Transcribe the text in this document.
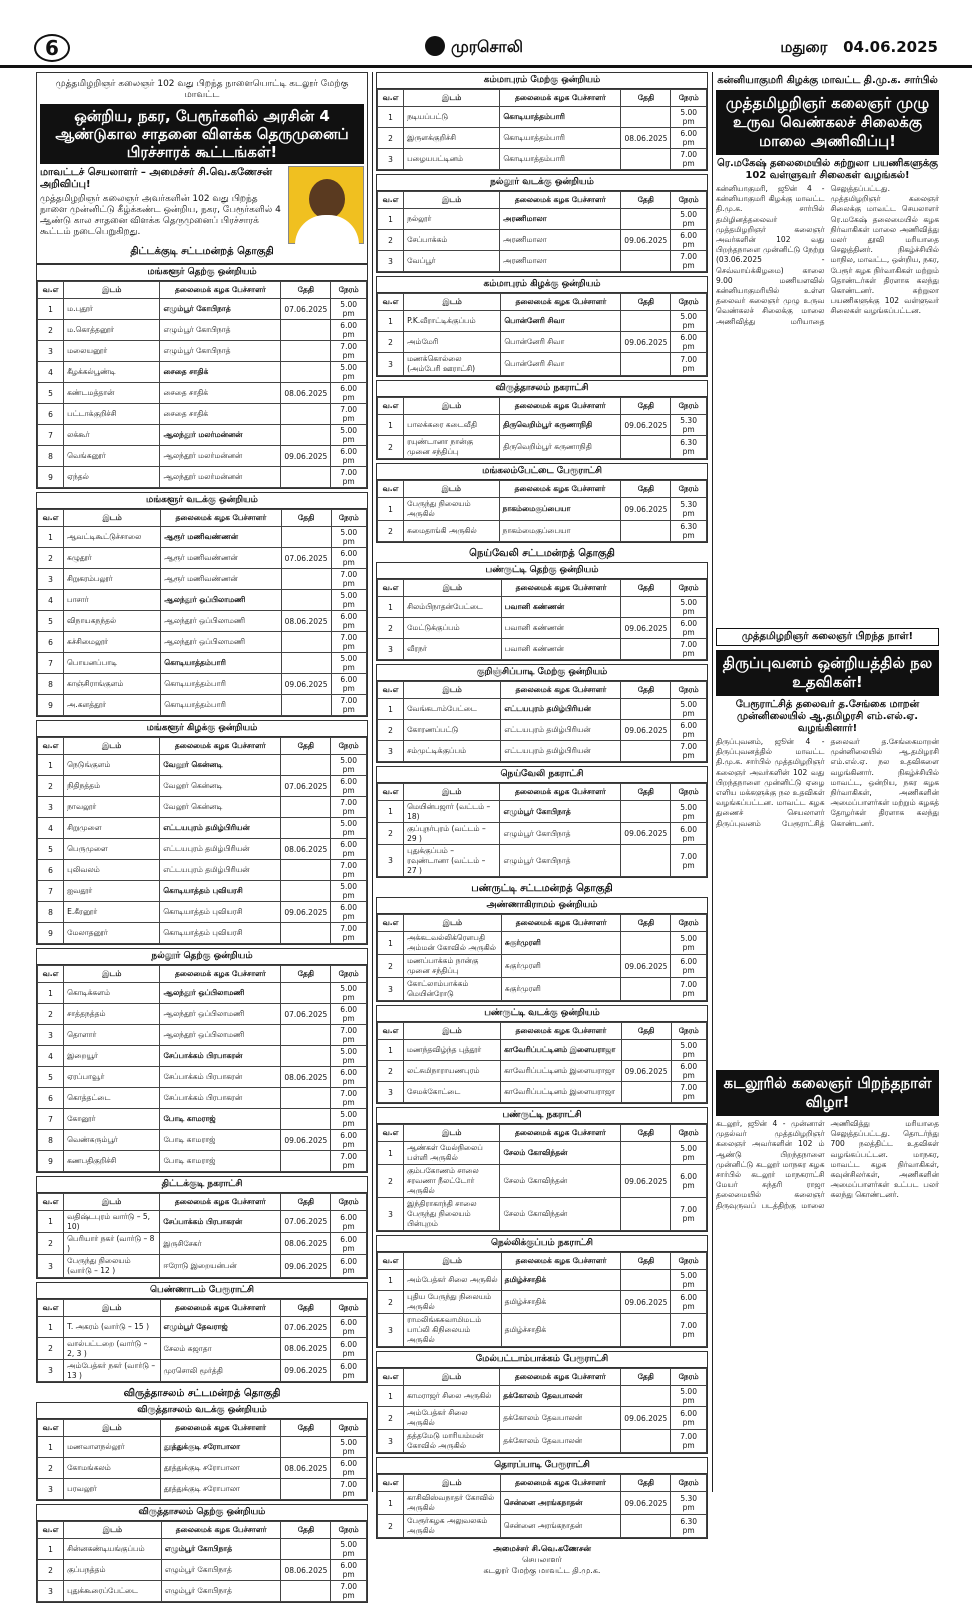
6	முரசொலி	மதுரை 04.06.2025
முத்தமிழறிஞர் கலைஞர் 102 வது பிறந்த நாளையொட்டி கடலூர் மேற்கு மாவட்ட
ஒன்றிய, நகர, பேரூர்களில் அரசின் 4 ஆண்டுகால சாதனை விளக்க தெருமுனைப் பிரச்சாரக் கூட்டங்கள்!
மாவட்டச் செயலாளர் – அமைச்சர் சி.வெ.கணேசன் அறிவிப்பு!
முத்தமிழறிஞர் கலைஞர் அவர்களின் 102 வது பிறந்த நாளை முன்னிட்டு கீழ்க்கண்ட ஒன்றிய, நகர, பேரூர்களில் 4 ஆண்டு கால சாதனை விளக்க தெருமுனைப் பிரச்சாரக் கூட்டம் நடைபெறுகிறது.
திட்டக்குடி சட்டமன்றத் தொகுதி
மங்களூர் தெற்கு ஒன்றியம்
வ.எ	இடம்	தலைமைக் கழக பேச்சாளர்	தேதி	நேரம்
1	ம.புதூர்	எழும்பூர் கோபிநாத்	07.06.2025	5.00 pm
2	ம.கொத்தனூர்	எழும்பூர் கோபிநாத்		6.00 pm
3	மலையனூர்	எழும்பூர் கோபிநாத்		7.00 pm
4	கீழக்கல்பூண்டி	சைதை சாதிக்		5.00 pm
5	கண்டமத்தான்	சைதை சாதிக்	08.06.2025	6.00 pm
6	பட்டாக்குறிச்சி	சைதை சாதிக்		7.00 pm
7	லக்கூர்	ஆலந்தூர் மலர்மன்னன்		5.00 pm
8	வெங்கனூர்	ஆலந்தூர் மலர்மன்னன்	09.06.2025	6.00 pm
9	ஏந்தல்	ஆலந்தூர் மலர்மன்னன்		7.00 pm
மங்களூர் வடக்கு ஒன்றியம்
வ.எ	இடம்	தலைமைக் கழக பேச்சாளர்	தேதி	நேரம்
1	ஆவட்டிகூட்டுச்சாலை	ஆரூர் மணிவண்ணன்		5.00 pm
2	கழுதூர்	ஆரூர் மணிவண்ணன்	07.06.2025	6.00 pm
3	சிறுகரம்பலூர்	ஆரூர் மணிவண்ணன்		7.00 pm
4	பாசார்	ஆலந்தூர் ஒப்பிலாமணி		5.00 pm
5	விநாயகநந்தல்	ஆலந்தூர் ஒப்பிலாமணி	08.06.2025	6.00 pm
6	கச்சிமைலூர்	ஆலந்தூர் ஒப்பிலாமணி		7.00 pm
7	பொயனப்பாடி	கொடியாத்தம்பாரி		5.00 pm
8	காஞ்சிராங்குளம்	கொடியாத்தம்பாரி	09.06.2025	6.00 pm
9	அ.களத்தூர்	கொடியாத்தம்பாரி		7.00 pm
மங்களூர் கிழக்கு ஒன்றியம்
வ.எ	இடம்	தலைமைக் கழக பேச்சாளர்	தேதி	நேரம்
1	நெடுங்குளம்	வேலூர் கென்னடி		5.00 pm
2	நிதிநத்தம்	வேலூர் கென்னடி	07.06.2025	6.00 pm
3	நாவலூர்	வேலூர் கென்னடி		7.00 pm
4	சிறுமுளை	எட்டயபுரம் தமிழ்பிரியன்		5.00 pm
5	பெருமுளை	எட்டயபுரம் தமிழ்பிரியன்	08.06.2025	6.00 pm
6	புலிவலம்	எட்டயபுரம் தமிழ்பிரியன்		7.00 pm
7	ஐவதூர்	கொடியாத்தம் புவியரசி		5.00 pm
8	E.கீரனூர்	கொடியாத்தம் புவியரசி	09.06.2025	6.00 pm
9	மேலாதனூர்	கொடியாத்தம் புவியரசி		7.00 pm
நல்லூர் தெற்கு ஒன்றியம்
வ.எ	இடம்	தலைமைக் கழக பேச்சாளர்	தேதி	நேரம்
1	கொடிக்களம்	ஆலந்தூர் ஒப்பிலாமணி		5.00 pm
2	சாத்தநத்தம்	ஆலந்தூர் ஒப்பிலாமணி	07.06.2025	6.00 pm
3	தொளார்	ஆலந்தூர் ஒப்பிலாமணி		7.00 pm
4	இறையூர்	சேப்பாக்கம் பிரபாகரன்		5.00 pm
5	ஏரப்பாவூர்	சேப்பாக்கம் பிரபாகரன்	08.06.2025	6.00 pm
6	கொத்தட்டை	சேப்பாக்கம் பிரபாகரன்		7.00 pm
7	கோனூர்	போடி காமராஜ்		5.00 pm
8	வெண்கரும்பூர்	போடி காமராஜ்	09.06.2025	6.00 pm
9	கணபதிகுறிச்சி	போடி காமராஜ்		7.00 pm
திட்டக்குடி நகராட்சி
வ.எ	இடம்	தலைமைக் கழக பேச்சாளர்	தேதி	நேரம்
1	வதிஷ்டபுரம் வார்டு – 5, 10)	சேப்பாக்கம் பிரபாகரன்	07.06.2025	6.00 pm
2	பெரியார் நகர் (வார்டு – 8 )	இருசிசேகர்	08.06.2025	6.00 pm
3	பேருந்து நிலையம் (வார்டு – 12 )	ஈரோடு இறையன்பன்	09.06.2025	6.00 pm
பெண்ணாடம் பேரூராட்சி
வ.எ	இடம்	தலைமைக் கழக பேச்சாளர்	தேதி	நேரம்
1	T. அகரம் (வார்டு – 15 )	எழும்பூர் தேவராஜ்	07.06.2025	6.00 pm
2	வால்பட்டறை (வார்டு – 2, 3 )	சேலம் சுஜாதா	08.06.2025	6.00 pm
3	அம்பேத்கர் நகர் (வார்டு – 13 )	முரசொலி மூர்த்தி	09.06.2025	6.00 pm
விருத்தாசலம் சட்டமன்றத் தொகுதி
விருத்தாசலம் வடக்கு ஒன்றியம்
வ.எ	இடம்	தலைமைக் கழக பேச்சாளர்	தேதி	நேரம்
1	மணவாளநல்லூர்	தூத்துக்குடி சரோபாலா		5.00 pm
2	கோமங்கலம்	தூத்துக்குடி சரோபாலா	08.06.2025	6.00 pm
3	பரவலூர்	தூத்துக்குடி சரோபாலா		7.00 pm
விருத்தாசலம் தெற்கு ஒன்றியம்
வ.எ	இடம்	தலைமைக் கழக பேச்சாளர்	தேதி	நேரம்
1	சின்னகண்டியங்குப்பம்	எழும்பூர் கோபிநாத்		5.00 pm
2	குப்பநத்தம்	எழும்பூர் கோபிநாத்	08.06.2025	6.00 pm
3	புதுக்கூரைப்பேட்டை	எழும்பூர் கோபிநாத்		7.00 pm
கம்மாபுரம் மேற்கு ஒன்றியம்
வ.எ	இடம்	தலைமைக் கழக பேச்சாளர்	தேதி	நேரம்
1	நடியப்பட்டு	கொடியாத்தம்பாரி		5.00 pm
2	இருளக்குறிச்சி	கொடியாத்தம்பாரி	08.06.2025	6.00 pm
3	பழையபட்டினம்	கொடியாத்தம்பாரி		7.00 pm
நல்லூர் வடக்கு ஒன்றியம்
வ.எ	இடம்	தலைமைக் கழக பேச்சாளர்	தேதி	நேரம்
1	நல்லூர்	அரணிமாலா		5.00 pm
2	சேப்பாக்கம்	அரணிமாலா	09.06.2025	6.00 pm
3	வேப்பூர்	அரணிமாலா		7.00 pm
கம்மாபுரம் கிழக்கு ஒன்றியம்
வ.எ	இடம்	தலைமைக் கழக பேச்சாளர்	தேதி	நேரம்
1	P.K.வீராட்டிக்குப்பம்	பொன்னேரி சிவா		5.00 pm
2	அம்மேரி	பொன்னேரி சிவா	09.06.2025	6.00 pm
3	மணக்கொல்லை (அம்பேரி ஊராட்சி)	பொன்னேரி சிவா		7.00 pm
விருத்தாசலம் நகராட்சி
வ.எ	இடம்	தலைமைக் கழக பேச்சாளர்	தேதி	நேரம்
1	பாலக்கரை கடைவீதி	திருவெறிம்பூர் கருணாநிதி	09.06.2025	5.30 pm
2	ரயுண்டானா நான்கு முனை சந்திப்பு	திருவெறிம்பூர் கருணாநிதி		6.30 pm
மங்கலம்பேட்டை பேரூராட்சி
வ.எ	இடம்	தலைமைக் கழக பேச்சாளர்	தேதி	நேரம்
1	பேருந்து நிலையம் அருகில்	நாகம்மைகுப்பையா	09.06.2025	5.30 pm
2	சுமைதாங்கி அருகில்	நாகம்மைகுப்பையா		6.30 pm
நெய்வேலி சட்டமன்றத் தொகுதி
பண்ருட்டி தெற்கு ஒன்றியம்
வ.எ	இடம்	தலைமைக் கழக பேச்சாளர்	தேதி	நேரம்
1	சிலம்பிநாதன்பேட்டை	பவானி கண்ணன்		5.00 pm
2	மேட்டுக்குப்பம்	பவானி கண்ணன்	09.06.2025	6.00 pm
3	வீரநர்	பவானி கண்ணன்		7.00 pm
குறிஞ்சிப்பாடி மேற்கு ஒன்றியம்
வ.எ	இடம்	தலைமைக் கழக பேச்சாளர்	தேதி	நேரம்
1	வேங்கடாம்பேட்டை	எட்டயபுரம் தமிழ்பிரியன்		5.00 pm
2	கோரணப்பட்டு	எட்டயபுரம் தமிழ்பிரியன்	09.06.2025	6.00 pm
3	சம்முட்டிக்குப்பம்	எட்டயபுரம் தமிழ்பிரியன்		7.00 pm
நெய்வேலி நகராட்சி
வ.எ	இடம்	தலைமைக் கழக பேச்சாளர்	தேதி	நேரம்
1	மெயின்பஜார் (வட்டம் – 18)	எழும்பூர் கோபிநாத்		5.00 pm
2	குப்புநர்புரம் (வட்டம் – 29 )	எழும்பூர் கோபிநாத்	09.06.2025	6.00 pm
3	புதுக்குப்பம் – ரவுண்டானா (வட்டம் – 27 )	எழும்பூர் கோபிநாத்		7.00 pm
பண்ருட்டி சட்டமன்றத் தொகுதி
அண்ணாகிராமம் ஒன்றியம்
வ.எ	இடம்	தலைமைக் கழக பேச்சாளர்	தேதி	நேரம்
1	அக்கடவல்லிக்ரௌபதி அம்மன் கோவில் அருகில்	சுகுர்முரளி		5.00 pm
2	மணப்பாக்கம் நான்கு முனை சந்திப்பு	சுகுர்முரளி	09.06.2025	6.00 pm
3	கோட்லாம்பாக்கம் மெயின்ரோடு	சுகுர்முரளி		7.00 pm
பண்ருட்டி வடக்கு ஒன்றியம்
வ.எ	இடம்	தலைமைக் கழக பேச்சாளர்	தேதி	நேரம்
1	மணந்தவிழ்ந்த புத்தூர்	காவேரிப்பட்டினம் இளையராஜா		5.00 pm
2	லட்சுமிநாராயணபுரம்	காவேரிப்பட்டினம் இளையராஜா	09.06.2025	6.00 pm
3	சேமக்கோட்டை	காவேரிப்பட்டினம் இளையராஜா		7.00 pm
பண்ருட்டி நகராட்சி
வ.எ	இடம்	தலைமைக் கழக பேச்சாளர்	தேதி	நேரம்
1	ஆண்கள் மேல்நிலைப் பள்ளி அருகில்	சேலம் கோவிந்தன்		5.00 pm
2	கும்பகோணம் சாலை சரவணா நீலட்டோர் அருகில்	சேலம் கோவிந்தன்	09.06.2025	6.00 pm
3	இந்திராகாந்தி சாலை பேருந்து நிலையம் பின்புறம்	சேலம் கோவிந்தன்		7.00 pm
நெல்லிக்குப்பம் நகராட்சி
வ.எ	இடம்	தலைமைக் கழக பேச்சாளர்	தேதி	நேரம்
1	அம்பேத்கர் சிலை அருகில்	தமிழ்ச்சாதிக்		5.00 pm
2	புதிய பேருந்து நிலையம் அருகில்	தமிழ்ச்சாதிக்	09.06.2025	6.00 pm
3	ராமலிங்கசுவாமிமடம் பாப்லி கிநிலையம் அருகில்	தமிழ்ச்சாதிக்		7.00 pm
மேல்பட்டாம்பாக்கம் பேரூராட்சி
வ.எ	இடம்	தலைமைக் கழக பேச்சாளர்	தேதி	நேரம்
1	காமராஜர் சிலை அருகில்	தக்கோலம் தேவபாலன்		5.00 pm
2	அம்பேத்கர் சிலை அருகில்	தக்கோலம் தேவபாலன்	09.06.2025	6.00 pm
3	தத்தமேடு மாரியம்மன் கோவில் அருகில்	தக்கோலம் தேவபாலன்		7.00 pm
தொரப்பாடி பேரூராட்சி
வ.எ	இடம்	தலைமைக் கழக பேச்சாளர்	தேதி	நேரம்
1	காசிவிஸ்வநாதர் கோவில் அருகில்	சென்னை அரங்கநாதன்	09.06.2025	5.30 pm
2	பேரூர்கழக அலுவலகம் அருகில்	சென்னை அரங்கநாதன்		6.30 pm
அமைச்சர் சி.வெ.கணேசன்
செயலாளர்
கடலூர் மேற்கு மாவட்ட தி.மு.க.
கன்னியாகுமரி கிழக்கு மாவட்ட தி.மு.க. சார்பில்
முத்தமிழறிஞர் கலைஞர் முழு உருவ வெண்கலச் சிலைக்கு மாலை அணிவிப்பு!
ரெ.மகேஷ் தலைமையில் சுற்றுலா பயணிகளுக்கு 102 வள்ளுவர் சிலைகள் வழங்கல்!
கன்னியாகுமரி, ஜூன் 4 - கன்னியாகுமரி கிழக்கு மாவட்ட தி.மு.க. சார்பில் தமிழினத்தலைவர் முத்தமிழறிஞர் கலைஞர் அவர்களின் 102 வது பிறந்தநாளை முன்னிட்டு நேற்று (03.06.2025 - செவ்வாய்க்கிழமை) காலை 9.00 மணியளவில் கன்னியாகுமரியில் உள்ள தலைவர் கலைஞர் முழு உருவ வெண்கலச் சிலைக்கு மாலை அணிவித்து மரியாதை செலுத்தப்பட்டது. முத்தமிழறிஞர் கலைஞர் சிலைக்கு மாவட்ட செயலாளர் ரெ.மகேஷ் தலைமையில் கழக நிர்வாகிகள் மாலை அணிவித்து மலர் தூவி மரியாதை செலுத்தினர். நிகழ்ச்சியில் மாநில, மாவட்ட, ஒன்றிய, நகர, பேரூர் கழக நிர்வாகிகள் மற்றும் தொண்டர்கள் திரளாக கலந்து கொண்டனர். சுற்றுலா பயணிகளுக்கு 102 வள்ளுவர் சிலைகள் வழங்கப்பட்டன.
முத்தமிழறிஞர் கலைஞர் பிறந்த நாள்!
திருப்புவனம் ஒன்றியத்தில் நல உதவிகள்!
பேரூராட்சித் தலைவர் த.சேங்கை மாறன் முன்னிலையில் ஆ.தமிழரசி எம்.எல்.ஏ. வழங்கினார்!
திருப்புவனம், ஜூன் 4 - திருப்புவனத்தில் மாவட்ட தி.மு.க. சார்பில் முத்தமிழறிஞர் கலைஞர் அவர்களின் 102 வது பிறந்தநாளை முன்னிட்டு ஏழை எளிய மக்களுக்கு நல உதவிகள் வழங்கப்பட்டன. மாவட்ட கழக துணைச் செயலாளர் திருப்புவனம் பேரூராட்சித் தலைவர் த.சேங்கைமாறன் முன்னிலையில் ஆ.தமிழரசி எம்.எல்.ஏ. நல உதவிகளை வழங்கினார். நிகழ்ச்சியில் மாவட்ட, ஒன்றிய, நகர கழக நிர்வாகிகள், அணிகளின் அமைப்பாளர்கள் மற்றும் கழகத் தோழர்கள் திரளாக கலந்து கொண்டனர்.
கடலூரில் கலைஞர் பிறந்தநாள் விழா!
கடலூர், ஜூன் 4 - முன்னாள் முதல்வர் முத்தமிழறிஞர் கலைஞர் அவர்களின் 102 ம் ஆண்டு பிறந்தநாளை முன்னிட்டு கடலூர் மாநகர கழக சார்பில் கடலூர் மாநகராட்சி மேயர் சுந்தரி ராஜா தலைமையில் கலைஞர் திருவுருவப் படத்திற்கு மாலை அணிவித்து மரியாதை செலுத்தப்பட்டது. தொடர்ந்து 700 நலத்திட்ட உதவிகள் வழங்கப்பட்டன. மாநகர, மாவட்ட கழக நிர்வாகிகள், கவுன்சிலர்கள், அணிகளின் அமைப்பாளர்கள் உட்பட பலர் கலந்து கொண்டனர்.
